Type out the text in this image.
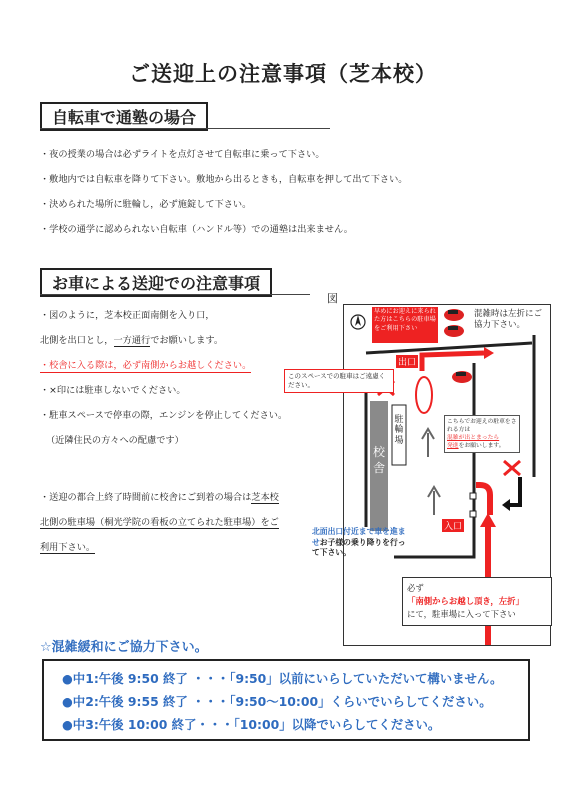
ご送迎上の注意事項（芝本校）
自転車で通塾の場合
・夜の授業の場合は必ずライトを点灯させて自転車に乗って下さい。
・敷地内では自転車を降りて下さい。敷地から出るときも，自転車を押して出て下さい。
・決められた場所に駐輪し，必ず施錠して下さい。
・学校の通学に認められない自転車（ハンドル等）での通塾は出来ません。
お車による送迎での注意事項
・図のように，芝本校正面南側を入り口，
北側を出口とし，一方通行でお願いします。
・校舎に入る際は，必ず南側からお越しください。
・×印には駐車しないでください。
・駐車スペースで停車の際，エンジンを停止してください。
（近隣住民の方々への配慮です）
・送迎の都合上終了時間前に校舎にご到着の場合は芝本校
北側の駐車場（桐光学院の看板の立てられた駐車場）をご
利用下さい。
図
早めにお迎えに来られた方はこちらの駐車場をご利用下さい
混雑時は左折にご協力下さい。
出口
入口
このスペースでの駐車はご遠慮ください。
駐輪場
校舎
こちらでお迎えの駐車をされる方は
混雑が出とまったら
発進をお願いします。
北面出口付近まで車を進ませお子様の乗り降りを行って下さい。
必ず
「南側からお越し頂き，左折」
にて，駐車場に入って下さい
☆混雑緩和にご協力下さい。
●中1:午後 9:50 終了 ・・・「9:50」以前にいらしていただいて構いません。
●中2:午後 9:55 終了 ・・・「9:50～10:00」くらいでいらしてください。
●中3:午後 10:00 終了・・・「10:00」以降でいらしてください。
